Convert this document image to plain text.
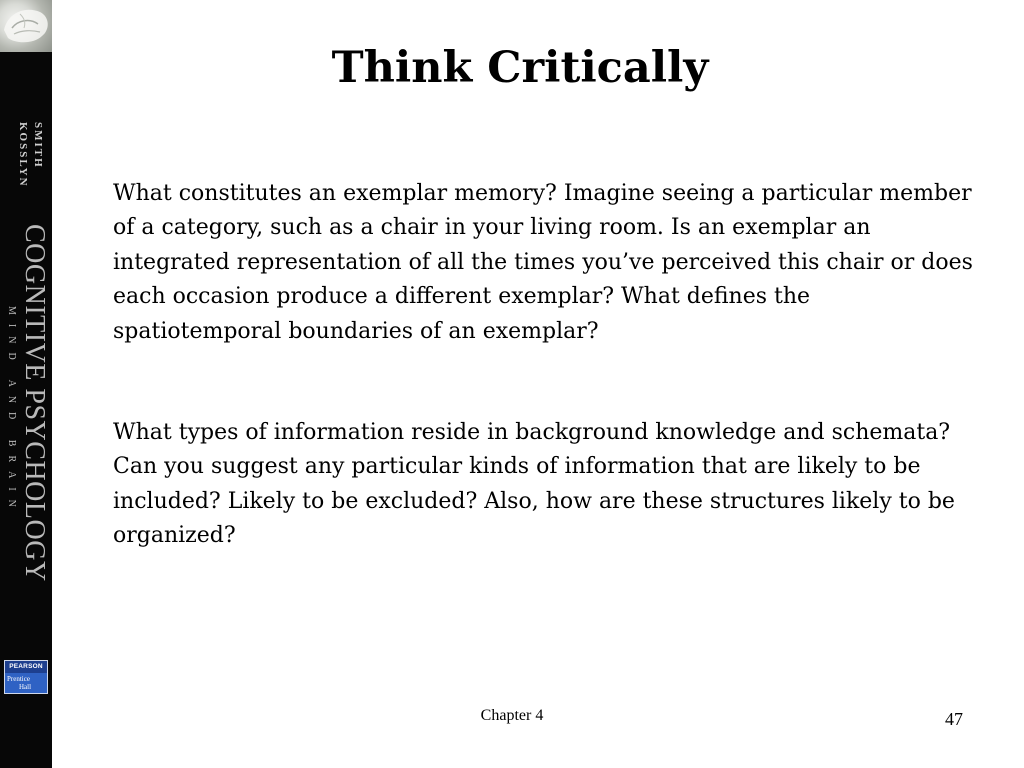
SMITH
KOSSLYN
COGNITIVE PSYCHOLOGY
MIND AND BRAIN
PEARSON
Prentice
Hall
Think Critically

What constitutes an exemplar memory? Imagine seeing a particular member of a category, such as a chair in your living room. Is an exemplar an integrated representation of all the times you’ve perceived this chair or does each occasion produce a different exemplar? What defines the spatiotemporal boundaries of an exemplar?

What types of information reside in background knowledge and schemata? Can you suggest any particular kinds of information that are likely to be included? Likely to be excluded? Also, how are these structures likely to be organized?

Chapter 4	47
